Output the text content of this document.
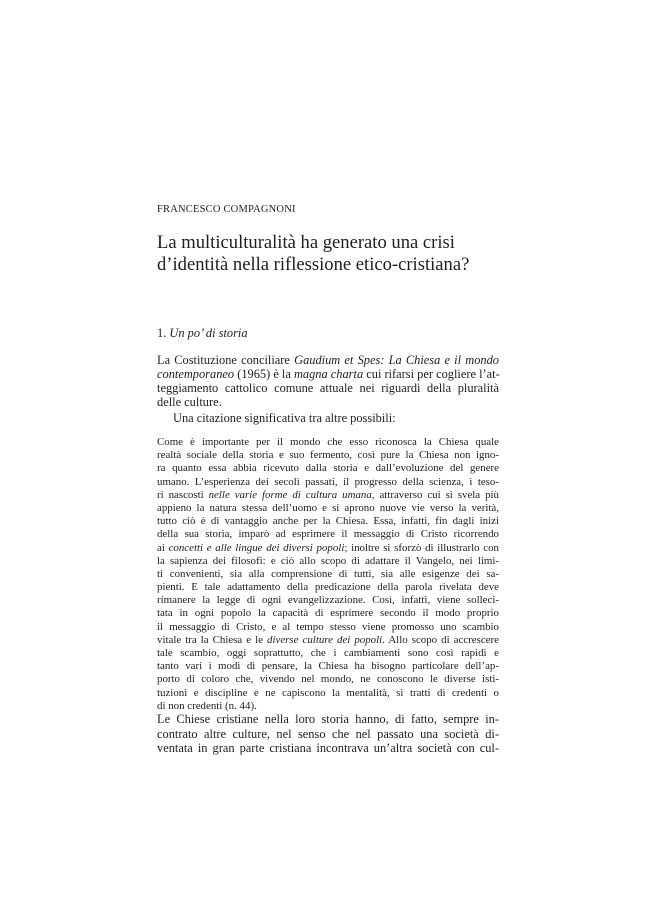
FRANCESCO COMPAGNONI
La multiculturalità ha generato una crisi
d’identità nella riflessione etico-cristiana?
1. Un po’ di storia

La Costituzione conciliare Gaudium et Spes: La Chiesa e il mondo
contemporaneo (1965) è la magna charta cui rifarsi per cogliere l’at-
teggiamento cattolico comune attuale nei riguardi della pluralità
delle culture.

Una citazione significativa tra altre possibili:

Come è importante per il mondo che esso riconosca la Chiesa quale
realtà sociale della storia e suo fermento, così pure la Chiesa non igno-
ra quanto essa abbia ricevuto dalla storia e dall’evoluzione del genere
umano. L’esperienza dei secoli passati, il progresso della scienza, i teso-
ri nascosti nelle varie forme di cultura umana, attraverso cui si svela più
appieno la natura stessa dell’uomo e si aprono nuove vie verso la verità,
tutto ciò è di vantaggio anche per la Chiesa. Essa, infatti, fin dagli inizi
della sua storia, imparò ad esprimere il messaggio di Cristo ricorrendo
ai concetti e alle lingue dei diversi popoli; inoltre si sforzò di illustrarlo con
la sapienza dei filosofi: e ciò allo scopo di adattare il Vangelo, nei limi-
ti convenienti, sia alla comprensione di tutti, sia alle esigenze dei sa-
pienti. E tale adattamento della predicazione della parola rivelata deve
rimanere la legge di ogni evangelizzazione. Così, infatti, viene solleci-
tata in ogni popolo la capacità di esprimere secondo il modo proprio
il messaggio di Cristo, e al tempo stesso viene promosso uno scambio
vitale tra la Chiesa e le diverse culture dei popoli. Allo scopo di accrescere
tale scambio, oggi soprattutto, che i cambiamenti sono così rapidi e
tanto vari i modi di pensare, la Chiesa ha bisogno particolare dell’ap-
porto di coloro che, vivendo nel mondo, ne conoscono le diverse isti-
tuzioni e discipline e ne capiscono la mentalità, si tratti di credenti o
di non credenti (n. 44).

Le Chiese cristiane nella loro storia hanno, di fatto, sempre in-
contrato altre culture, nel senso che nel passato una società di-
ventata in gran parte cristiana incontrava un’altra società con cul-
